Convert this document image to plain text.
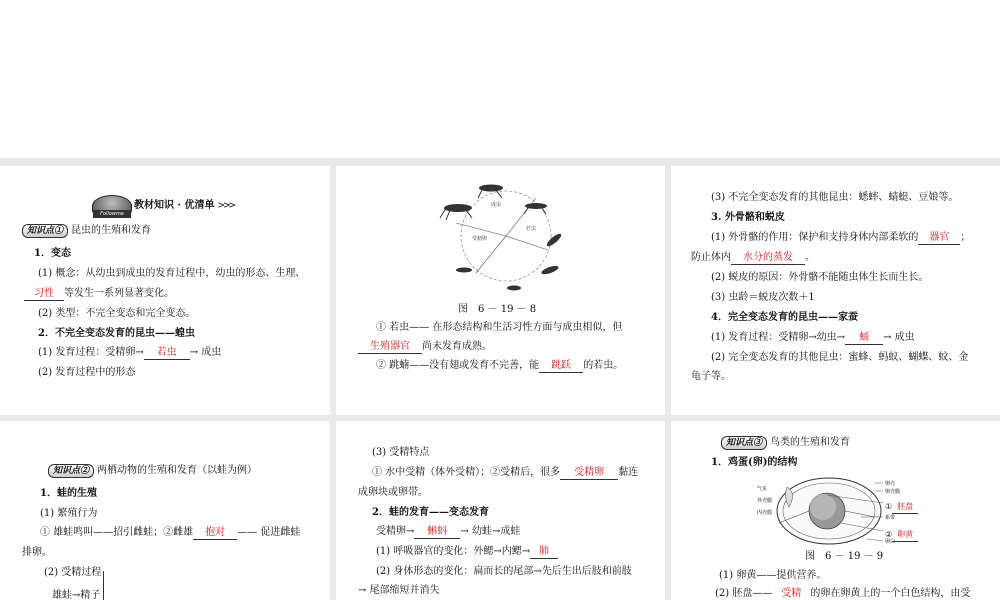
Followme
教材知识 · 优清单 >>>
知识点① 昆虫的生殖和发育
1．变态
(1) 概念：从幼虫到成虫的发育过程中，幼虫的形态、生理、
习性 等发生一系列显著变化。
(2) 类型：不完全变态和完全变态。
2．不完全变态发育的昆虫——蝗虫
(1) 发育过程：受精卵→ 若虫 → 成虫
(2) 发育过程中的形态
受精卵
若虫
成虫
图　6 － 19 － 8
① 若虫—— 在形态结构和生活习性方面与成虫相似，但
生殖器官 尚未发育成熟。
② 跳蝻——没有翅或发育不完善，能 跳跃 的若虫。
(3) 不完全变态发育的其他昆虫：蟋蟀、蜻蜓、豆娘等。
3. 外骨骼和蜕皮
(1) 外骨骼的作用：保护和支持身体内部柔软的 器官 ；
防止体内 水分的蒸发 。
(2) 蜕皮的原因：外骨骼不能随虫体生长而生长。
(3) 虫龄＝蜕皮次数＋1
4．完全变态发育的昆虫——家蚕
(1) 发育过程：受精卵→幼虫→ 蛹 → 成虫
(2) 完全变态发育的其他昆虫：蜜蜂、蚂蚁、蝴蝶、蚊、金
龟子等。
知识点② 两栖动物的生殖和发育（以蛙为例）
1．蛙的生殖
(1) 繁殖行为
① 雄蛙鸣叫——招引雌蛙；②雌雄 抱对 —— 促进雌蛙
排卵。
(2) 受精过程
雄蛙→精子
(3) 受精特点
① 水中受精（体外受精）；②受精后，很多 受精卵 黏连
成卵块或卵带。
2．蛙的发育——变态发育
受精卵→ 蝌蚪 → 幼蛙→成蛙
(1) 呼吸器官的变化：外鳃→内鳃→ 肺
(2) 身体形态的变化：扁而长的尾部→先后生出后肢和前肢
→ 尾部缩短并消失
知识点③ 鸟类的生殖和发育
1．鸡蛋(卵)的结构
气室
外壳膜
内壳膜
卵壳
卵壳膜
系带
卵白
① 胚盘
② 卵黄
图　6 － 19 － 9
(1) 卵黄——提供营养。
(2) 胚盘—— 受精 的卵在卵黄上的一个白色结构，由受
